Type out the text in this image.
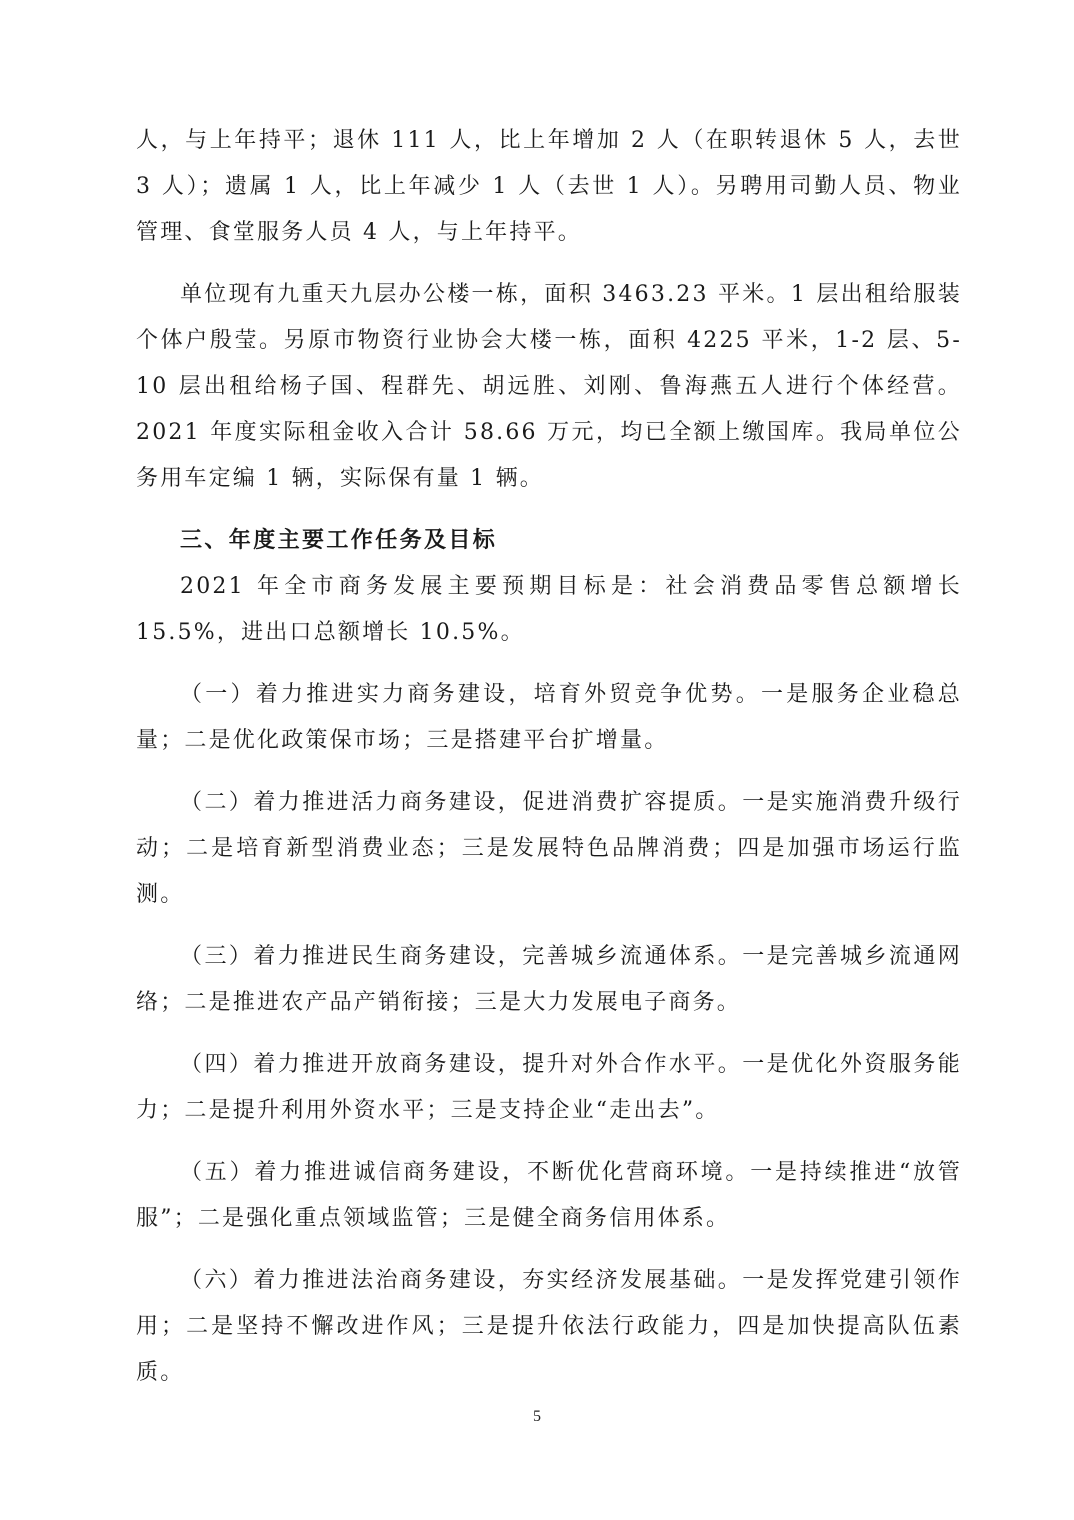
人，与上年持平；退休 111 人，比上年增加 2 人（在职转退休 5 人，去世 3 人）；遗属 1 人，比上年减少 1 人（去世 1 人）。另聘用司勤人员、物业管理、食堂服务人员 4 人，与上年持平。

单位现有九重天九层办公楼一栋，面积 3463.23 平米。1 层出租给服装个体户殷莹。另原市物资行业协会大楼一栋，面积 4225 平米，1-2 层、5-10 层出租给杨子国、程群先、胡远胜、刘刚、鲁海燕五人进行个体经营。2021 年度实际租金收入合计 58.66 万元，均已全额上缴国库。我局单位公务用车定编 1 辆，实际保有量 1 辆。

三、年度主要工作任务及目标

2021 年全市商务发展主要预期目标是：社会消费品零售总额增长 15.5%，进出口总额增长 10.5%。

（一）着力推进实力商务建设，培育外贸竞争优势。一是服务企业稳总量；二是优化政策保市场；三是搭建平台扩增量。

（二）着力推进活力商务建设，促进消费扩容提质。一是实施消费升级行动；二是培育新型消费业态；三是发展特色品牌消费；四是加强市场运行监测。

（三）着力推进民生商务建设，完善城乡流通体系。一是完善城乡流通网络；二是推进农产品产销衔接；三是大力发展电子商务。

（四）着力推进开放商务建设，提升对外合作水平。一是优化外资服务能力；二是提升利用外资水平；三是支持企业“走出去”。

（五）着力推进诚信商务建设，不断优化营商环境。一是持续推进“放管服”；二是强化重点领域监管；三是健全商务信用体系。

（六）着力推进法治商务建设，夯实经济发展基础。一是发挥党建引领作用；二是坚持不懈改进作风；三是提升依法行政能力，四是加快提高队伍素质。

5
